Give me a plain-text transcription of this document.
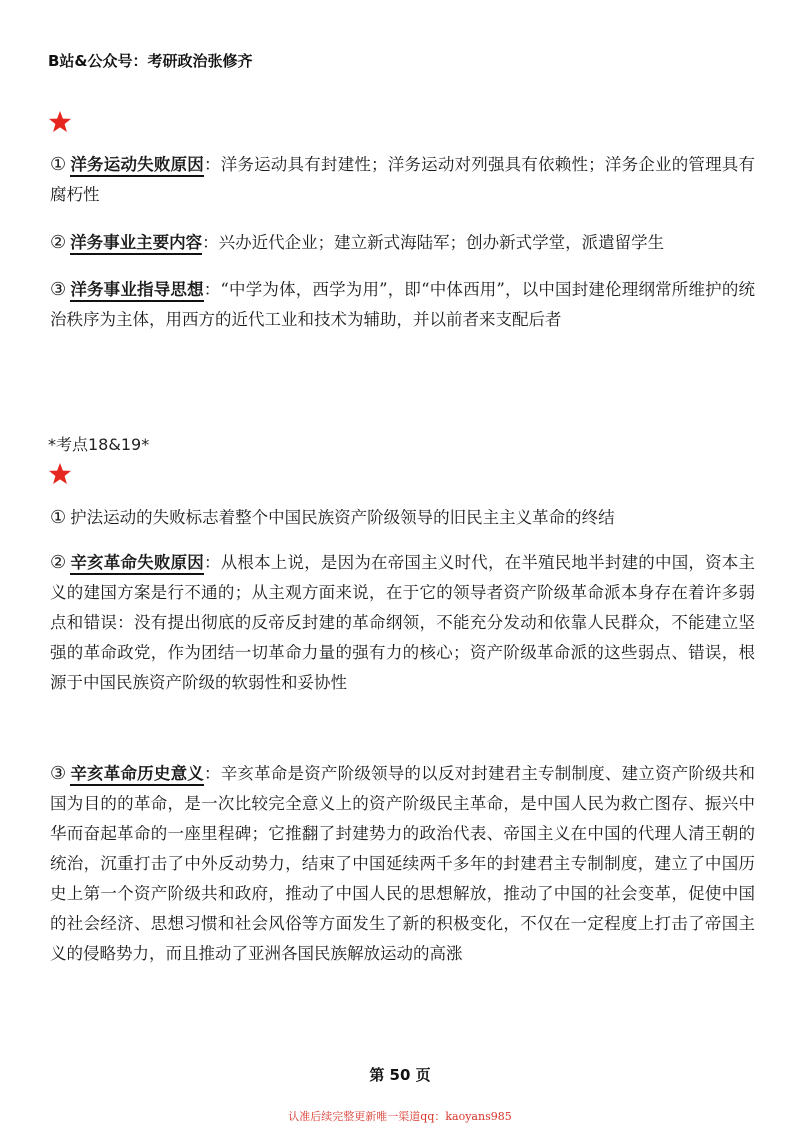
B站&公众号：考研政治张修齐
① 洋务运动失败原因：洋务运动具有封建性；洋务运动对列强具有依赖性；洋务企业的管理具有腐朽性
② 洋务事业主要内容：兴办近代企业；建立新式海陆军；创办新式学堂，派遣留学生
③ 洋务事业指导思想：“中学为体，西学为用”，即“中体西用”，以中国封建伦理纲常所维护的统治秩序为主体，用西方的近代工业和技术为辅助，并以前者来支配后者
*考点18&19*
① 护法运动的失败标志着整个中国民族资产阶级领导的旧民主主义革命的终结
② 辛亥革命失败原因：从根本上说，是因为在帝国主义时代，在半殖民地半封建的中国，资本主义的建国方案是行不通的；从主观方面来说，在于它的领导者资产阶级革命派本身存在着许多弱点和错误：没有提出彻底的反帝反封建的革命纲领，不能充分发动和依靠人民群众，不能建立坚强的革命政党，作为团结一切革命力量的强有力的核心；资产阶级革命派的这些弱点、错误，根源于中国民族资产阶级的软弱性和妥协性
③ 辛亥革命历史意义：辛亥革命是资产阶级领导的以反对封建君主专制制度、建立资产阶级共和国为目的的革命，是一次比较完全意义上的资产阶级民主革命，是中国人民为救亡图存、振兴中华而奋起革命的一座里程碑；它推翻了封建势力的政治代表、帝国主义在中国的代理人清王朝的统治，沉重打击了中外反动势力，结束了中国延续两千多年的封建君主专制制度，建立了中国历史上第一个资产阶级共和政府，推动了中国人民的思想解放，推动了中国的社会变革，促使中国的社会经济、思想习惯和社会风俗等方面发生了新的积极变化，不仅在一定程度上打击了帝国主义的侵略势力，而且推动了亚洲各国民族解放运动的高涨
第 50 页
认准后续完整更新唯一渠道qq：kaoyans985
